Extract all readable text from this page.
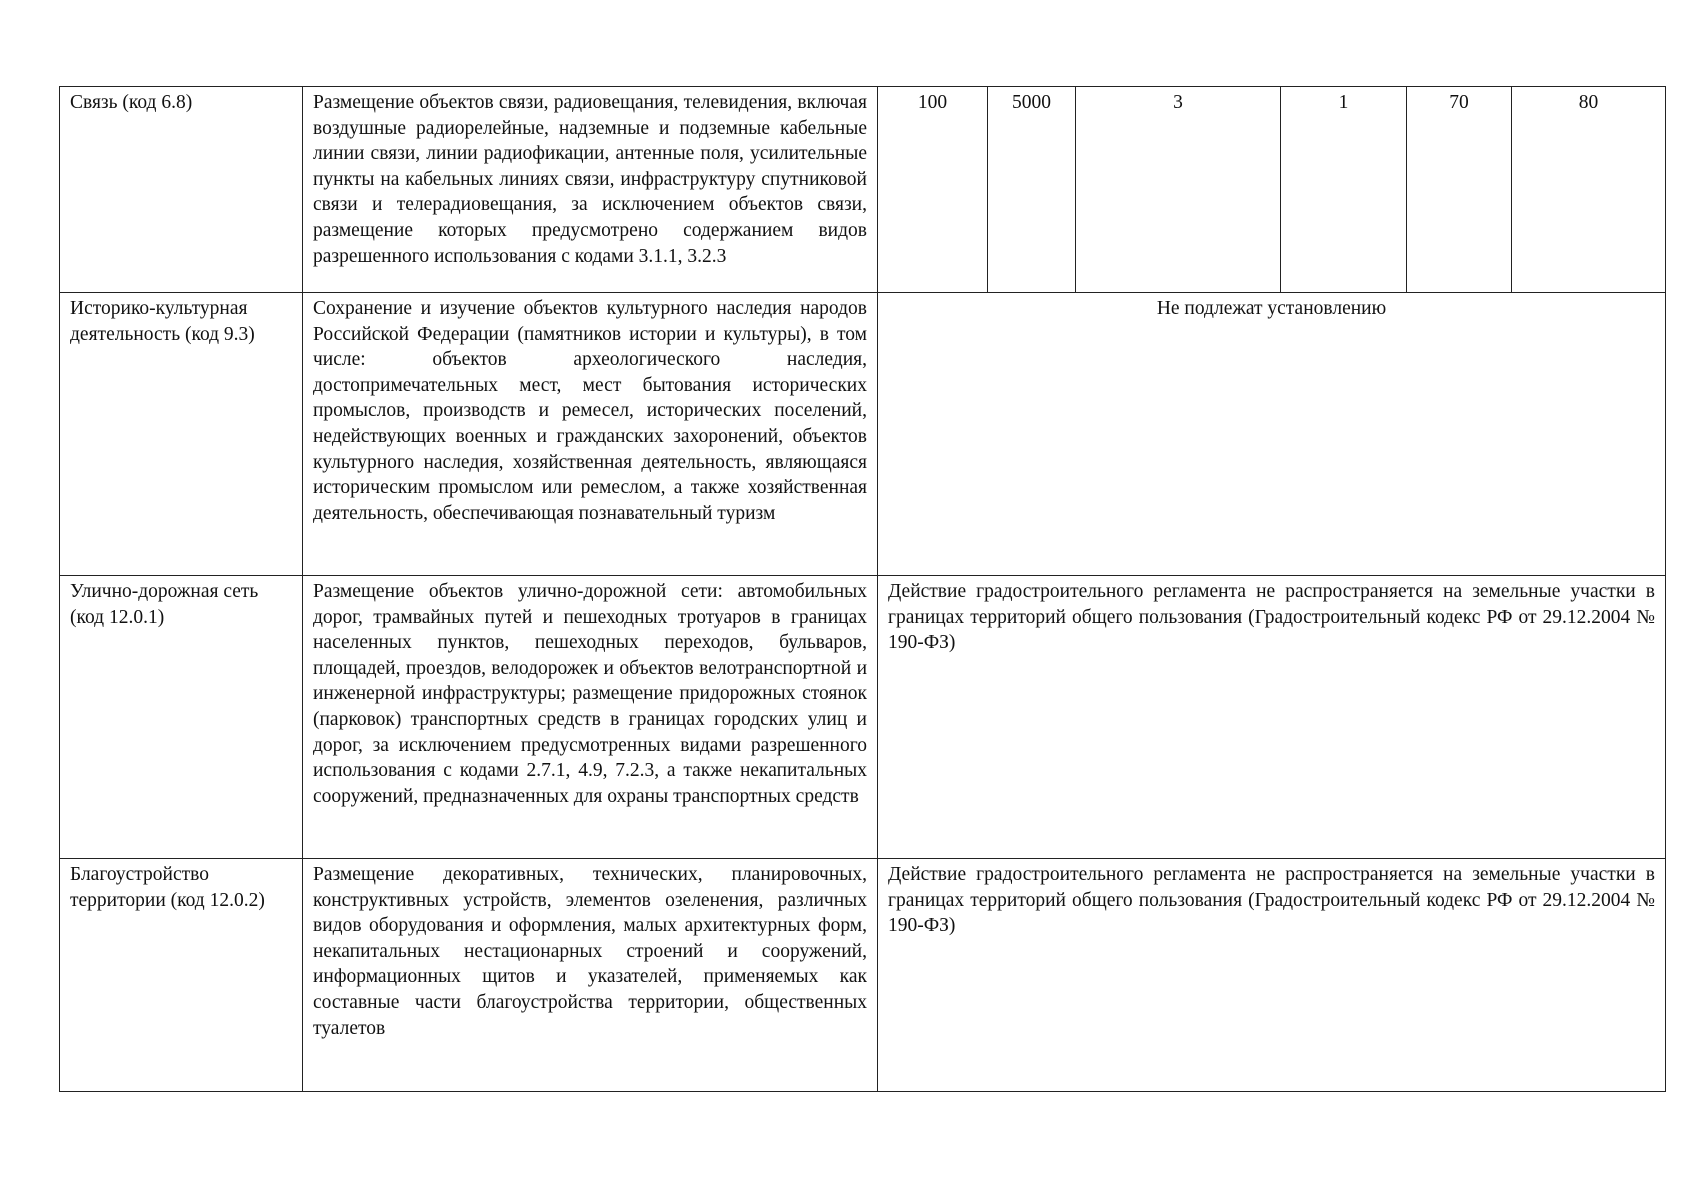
Связь (код 6.8)	Размещение объектов связи, радиовещания, телевидения, включая воздушные радиорелейные, надземные и подземные кабельные линии связи, линии радиофикации, антенные поля, усилительные пункты на кабельных линиях связи, инфраструктуру спутниковой связи и телерадиовещания, за исключением объектов связи, размещение которых предусмотрено содержанием видов разрешенного использования с кодами 3.1.1, 3.2.3	100	5000	3	1	70	80
Историко-культурная деятельность (код 9.3)	Сохранение и изучение объектов культурного наследия народов Российской Федерации (памятников истории и культуры), в том числе: объектов археологического наследия, достопримечательных мест, мест бытования исторических промыслов, производств и ремесел, исторических поселений, недействующих военных и гражданских захоронений, объектов культурного наследия, хозяйственная деятельность, являющаяся историческим промыслом или ремеслом, а также хозяйственная деятельность, обеспечивающая познавательный туризм	Не подлежат установлению					
Улично-дорожная сеть (код 12.0.1)	Размещение объектов улично-дорожной сети: автомобильных дорог, трамвайных путей и пешеходных тротуаров в границах населенных пунктов, пешеходных переходов, бульваров, площадей, проездов, велодорожек и объектов велотранспортной и инженерной инфраструктуры; размещение придорожных стоянок (парковок) транспортных средств в границах городских улиц и дорог, за исключением предусмотренных видами разрешенного использования с кодами 2.7.1, 4.9, 7.2.3, а также некапитальных сооружений, предназначенных для охраны транспортных средств	Действие градостроительного регламента не распространяется на земельные участки в границах территорий общего пользования (Градостроительный кодекс РФ от 29.12.2004 № 190-ФЗ)					
Благоустройство территории (код 12.0.2)	Размещение декоративных, технических, планировочных, конструктивных устройств, элементов озеленения, различных видов оборудования и оформления, малых архитектурных форм, некапитальных нестационарных строений и сооружений, информационных щитов и указателей, применяемых как составные части благоустройства территории, общественных туалетов	Действие градостроительного регламента не распространяется на земельные участки в границах территорий общего пользования (Градостроительный кодекс РФ от 29.12.2004 № 190-ФЗ)					
